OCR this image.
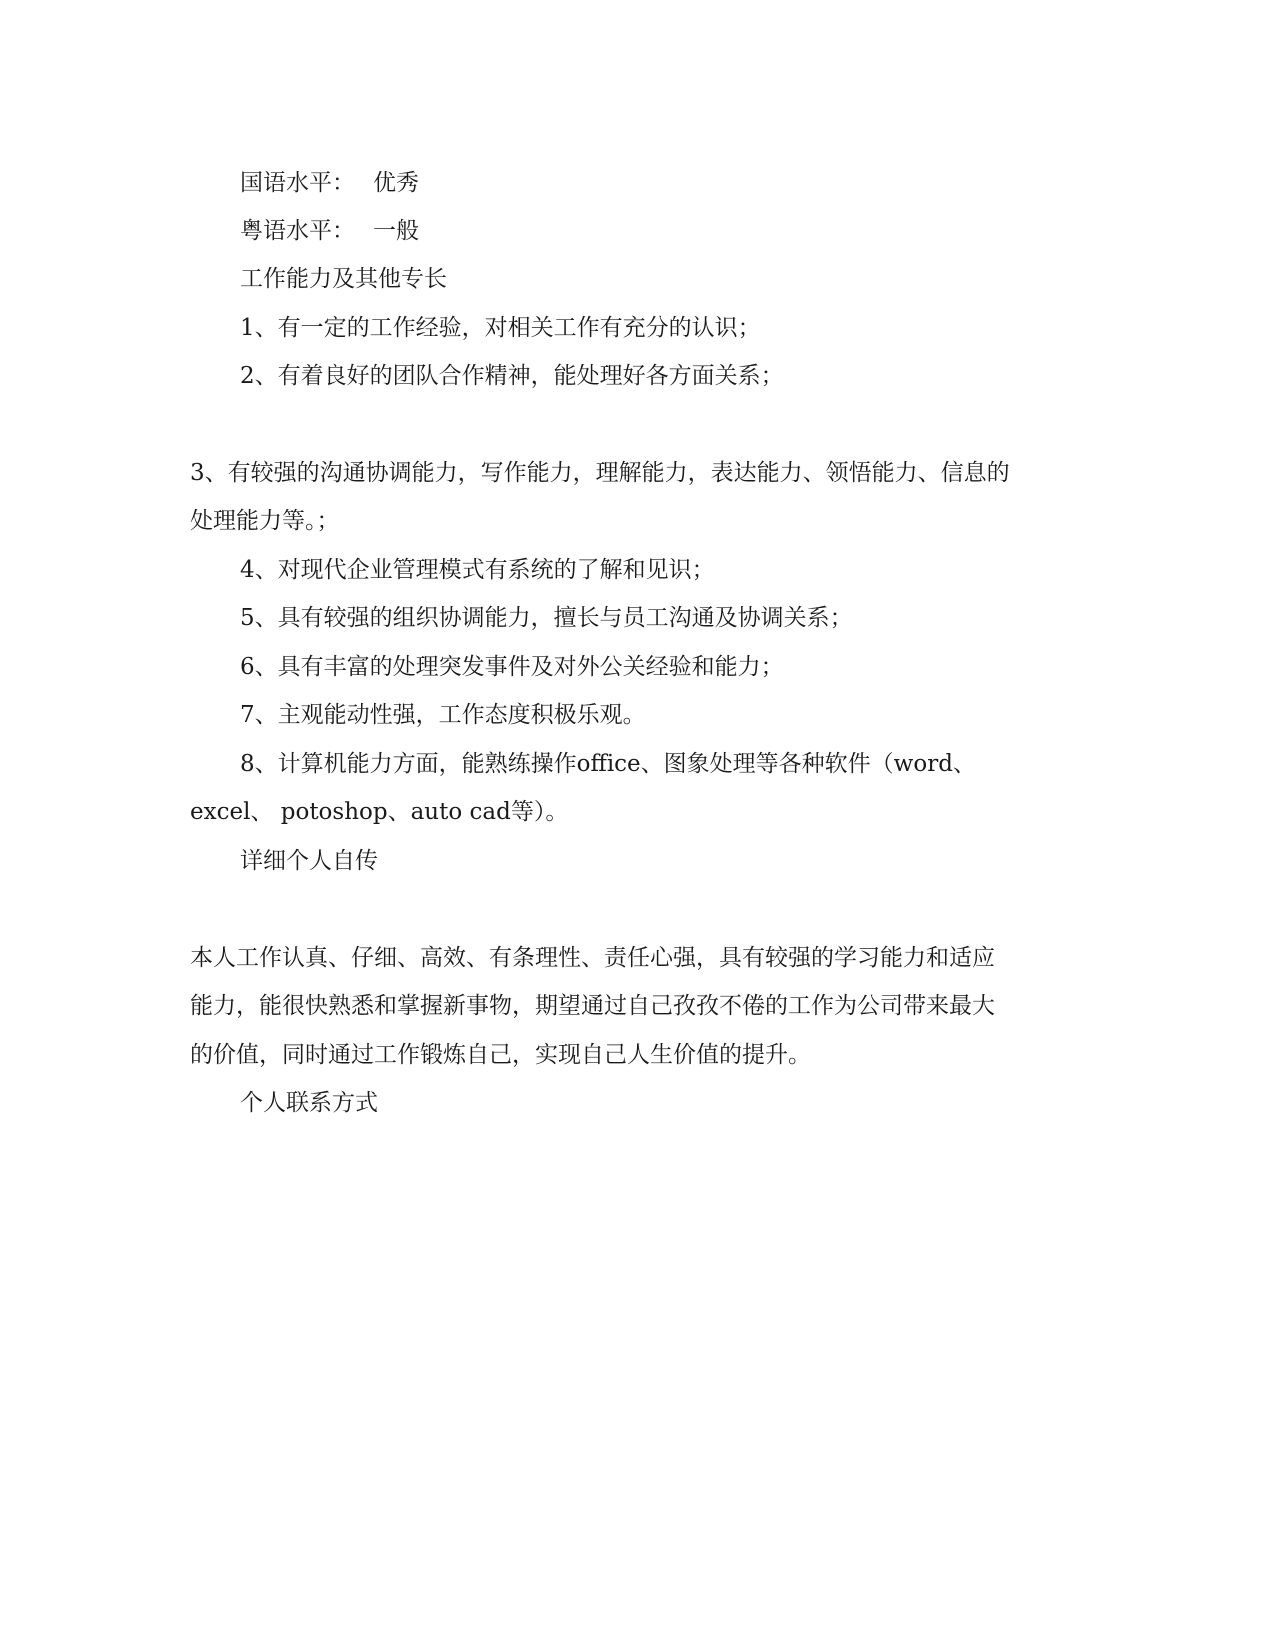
国语水平： 优秀
粤语水平： 一般
工作能力及其他专长
1、有一定的工作经验，对相关工作有充分的认识；
2、有着良好的团队合作精神，能处理好各方面关系；
3、有较强的沟通协调能力，写作能力，理解能力，表达能力、领悟能力、信息的
处理能力等。；
4、对现代企业管理模式有系统的了解和见识；
5、具有较强的组织协调能力，擅长与员工沟通及协调关系；
6、具有丰富的处理突发事件及对外公关经验和能力；
7、主观能动性强，工作态度积极乐观。
8、计算机能力方面，能熟练操作office、图象处理等各种软件（word、
excel、 potoshop、auto cad等）。
详细个人自传
本人工作认真、仔细、高效、有条理性、责任心强，具有较强的学习能力和适应
能力，能很快熟悉和掌握新事物，期望通过自己孜孜不倦的工作为公司带来最大
的价值，同时通过工作锻炼自己，实现自己人生价值的提升。
个人联系方式
